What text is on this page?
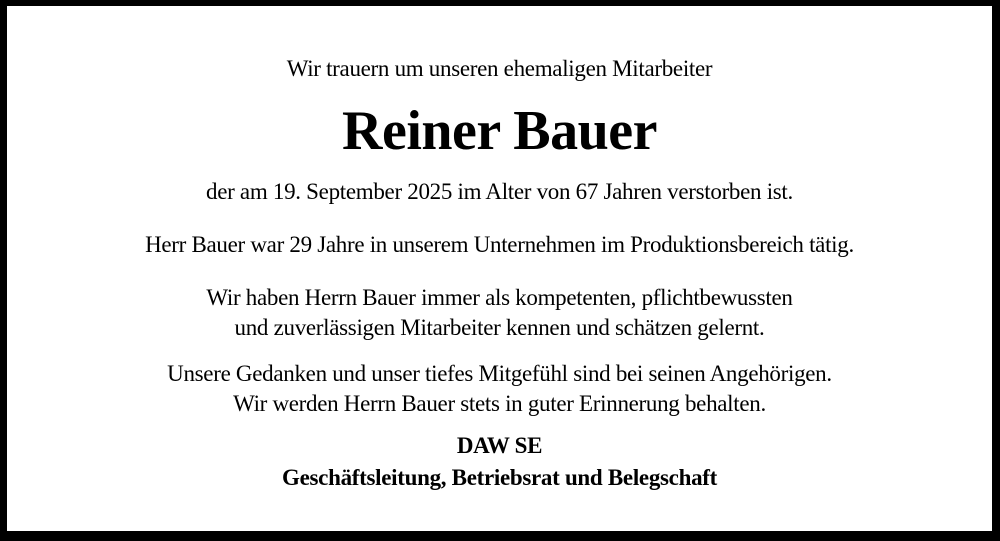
Wir trauern um unseren ehemaligen Mitarbeiter

Reiner Bauer

der am 19. September 2025 im Alter von 67 Jahren verstorben ist.

Herr Bauer war 29 Jahre in unserem Unternehmen im Produktionsbereich tätig.

Wir haben Herrn Bauer immer als kompetenten, pflichtbewussten
und zuverlässigen Mitarbeiter kennen und schätzen gelernt.
Unsere Gedanken und unser tiefes Mitgefühl sind bei seinen Angehörigen.
Wir werden Herrn Bauer stets in guter Erinnerung behalten.
DAW SE
Geschäftsleitung, Betriebsrat und Belegschaft
